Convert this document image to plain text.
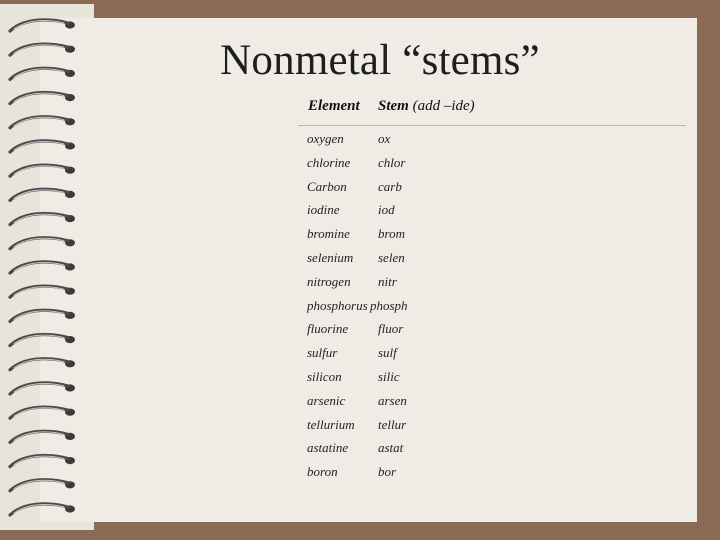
Nonmetal “stems”
Element Stem (add –ide)
oxygen	ox
chlorine chlor
Carbon carb
iodine	iod
bromine brom
selenium selen
nitrogen nitr
phosphorus phosph
fluorine fluor
sulfur	sulf
silicon	silic
arsenic	arsen
tellurium tellur
astatine astat
boron	bor
